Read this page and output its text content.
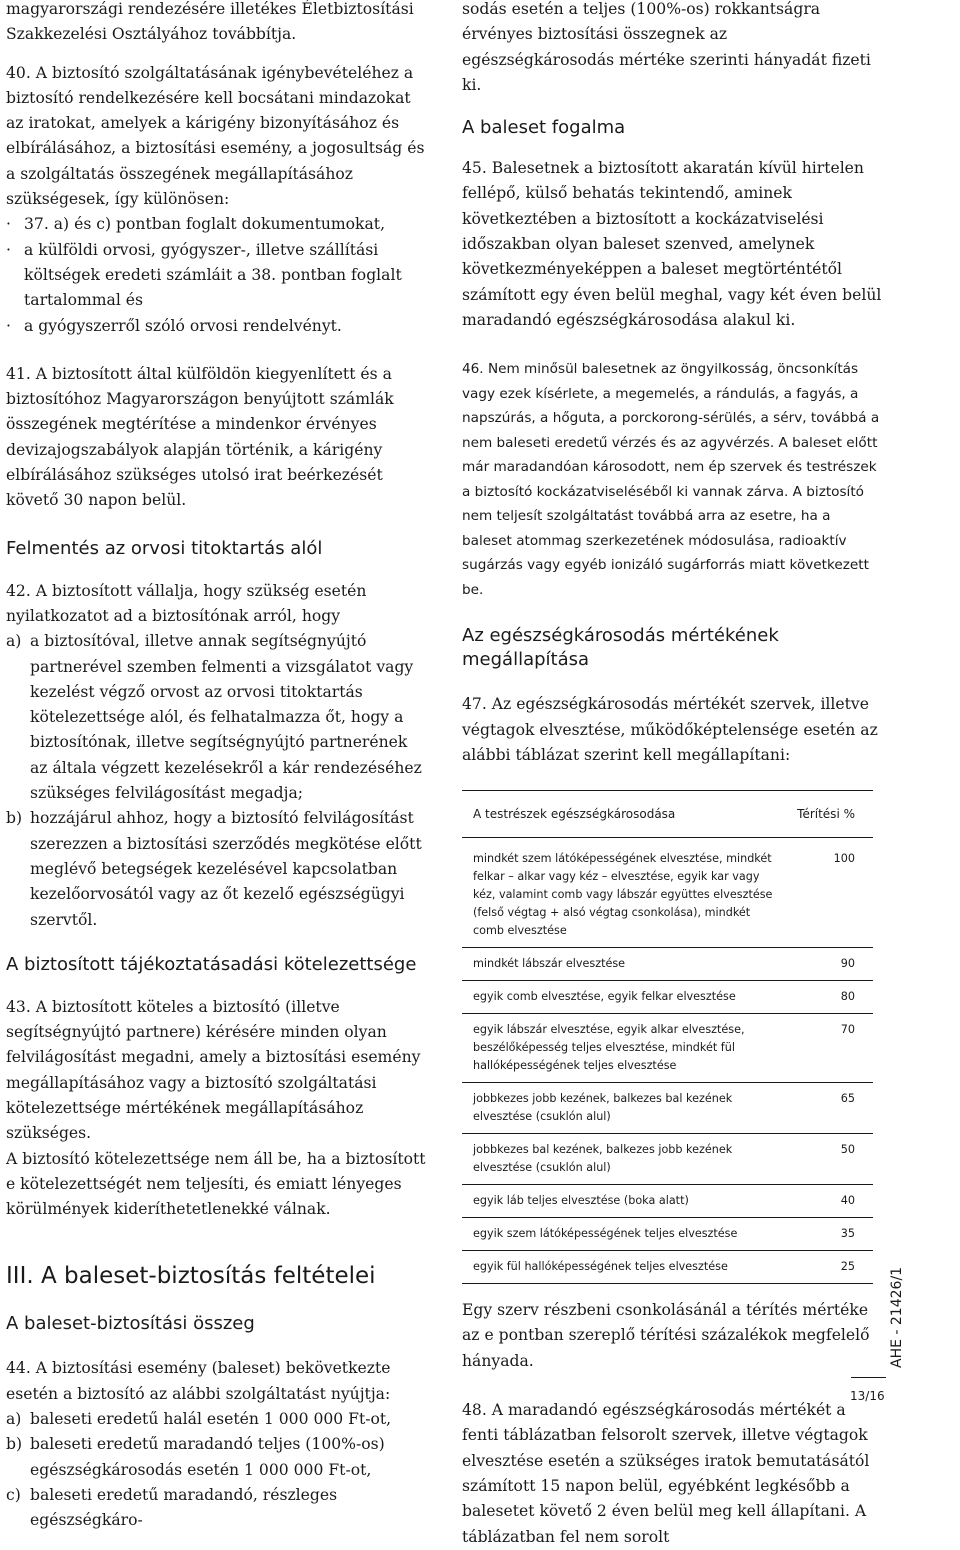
magyarországi rendezésére illetékes Életbiztosítási Szakkezelési Osztályához továbbítja.

40. A biztosító szolgáltatásának igénybevételéhez a biztosító rendelkezésére kell bocsátani mindazokat az iratokat, amelyek a kárigény bizonyításához és elbírálásához, a biztosítási esemény, a jogosultság és a szolgáltatás összegének megállapításához szükségesek, így különösen:

· 37. a) és c) pontban foglalt dokumentumokat,

· a külföldi orvosi, gyógyszer-, illetve szállítási költségek eredeti számláit a 38. pontban foglalt tartalommal és

· a gyógyszerről szóló orvosi rendelvényt.

41. A biztosított által külföldön kiegyenlített és a biztosítóhoz Magyarországon benyújtott számlák összegének megtérítése a mindenkor érvényes devizajogszabályok alapján történik, a kárigény elbírálásához szükséges utolsó irat beérkezését követő 30 napon belül.

Felmentés az orvosi titoktartás alól

42. A biztosított vállalja, hogy szükség esetén nyilatkozatot ad a biztosítónak arról, hogy

a) a biztosítóval, illetve annak segítségnyújtó partnerével szemben felmenti a vizsgálatot vagy kezelést végző orvost az orvosi titoktartás kötelezettsége alól, és felhatalmazza őt, hogy a biztosítónak, illetve segítségnyújtó partnerének az általa végzett kezelésekről a kár rendezéséhez szükséges felvilágosítást megadja;

b) hozzájárul ahhoz, hogy a biztosító felvilágosítást szerezzen a biztosítási szerződés megkötése előtt meglévő betegségek kezelésével kapcsolatban kezelőorvosától vagy az őt kezelő egészségügyi szervtől.

A biztosított tájékoztatásadási kötelezettsége

43. A biztosított köteles a biztosító (illetve segítségnyújtó partnere) kérésére minden olyan felvilágosítást megadni, amely a biztosítási esemény megállapításához vagy a biztosító szolgáltatási kötelezettsége mértékének megállapításához szükséges.

A biztosító kötelezettsége nem áll be, ha a biztosított e kötelezettségét nem teljesíti, és emiatt lényeges körülmények kideríthetetlenekké válnak.

III. A baleset-biztosítás feltételei

A baleset-biztosítási összeg

44. A biztosítási esemény (baleset) bekövetkezte esetén a biztosító az alábbi szolgáltatást nyújtja:

a) baleseti eredetű halál esetén 1 000 000 Ft-ot,

b) baleseti eredetű maradandó teljes (100%-os) egészségkárosodás esetén 1 000 000 Ft-ot,

c) baleseti eredetű maradandó, részleges egészségkáro-

sodás esetén a teljes (100%-os) rokkantságra érvényes biztosítási összegnek az egészségkárosodás mértéke szerinti hányadát fizeti ki.

A baleset fogalma

45. Balesetnek a biztosított akaratán kívül hirtelen fellépő, külső behatás tekintendő, aminek következtében a biztosított a kockázatviselési időszakban olyan baleset szenved, amelynek következményeképpen a baleset megtörténtétől számított egy éven belül meghal, vagy két éven belül maradandó egészségkárosodása alakul ki.

46. Nem minősül balesetnek az öngyilkosság, öncsonkítás vagy ezek kísérlete, a megemelés, a rándulás, a fagyás, a napszúrás, a hőguta, a porckorong-sérülés, a sérv, továbbá a nem baleseti eredetű vérzés és az agyvérzés. A baleset előtt már maradandóan károsodott, nem ép szervek és testrészek a biztosító kockázatviseléséből ki vannak zárva. A biztosító nem teljesít szolgáltatást továbbá arra az esetre, ha a baleset atommag szerkezetének módosulása, radioaktív sugárzás vagy egyéb ionizáló sugárforrás miatt következett be.

Az egészségkárosodás mértékének megállapítása

47. Az egészségkárosodás mértékét szervek, illetve végtagok elvesztése, működőképtelensége esetén az alábbi táblázat szerint kell megállapítani:

A testrészek egészségkárosodása	Térítési %
mindkét szem látóképességének elvesztése, mindkét felkar – alkar vagy kéz – elvesztése, egyik kar vagy kéz, valamint comb vagy lábszár együttes elvesztése (felső végtag + alsó végtag csonkolása), mindkét comb elvesztése	100
mindkét lábszár elvesztése	90
egyik comb elvesztése, egyik felkar elvesztése	80
egyik lábszár elvesztése, egyik alkar elvesztése, beszélőképesség teljes elvesztése, mindkét fül hallóképességének teljes elvesztése	70
jobbkezes jobb kezének, balkezes bal kezének elvesztése (csuklón alul)	65
jobbkezes bal kezének, balkezes jobb kezének elvesztése (csuklón alul)	50
egyik láb teljes elvesztése (boka alatt)	40
egyik szem látóképességének teljes elvesztése	35
egyik fül hallóképességének teljes elvesztése	25

Egy szerv részbeni csonkolásánál a térítés mértéke az e pontban szereplő térítési százalékok megfelelő hányada.

48. A maradandó egészségkárosodás mértékét a fenti táblázatban felsorolt szervek, illetve végtagok elvesztése esetén a szükséges iratok bemutatásától számított 15 napon belül, egyébként legkésőbb a balesetet követő 2 éven belül meg kell állapítani. A táblázatban fel nem sorolt

AHE - 21426/1
13/16
